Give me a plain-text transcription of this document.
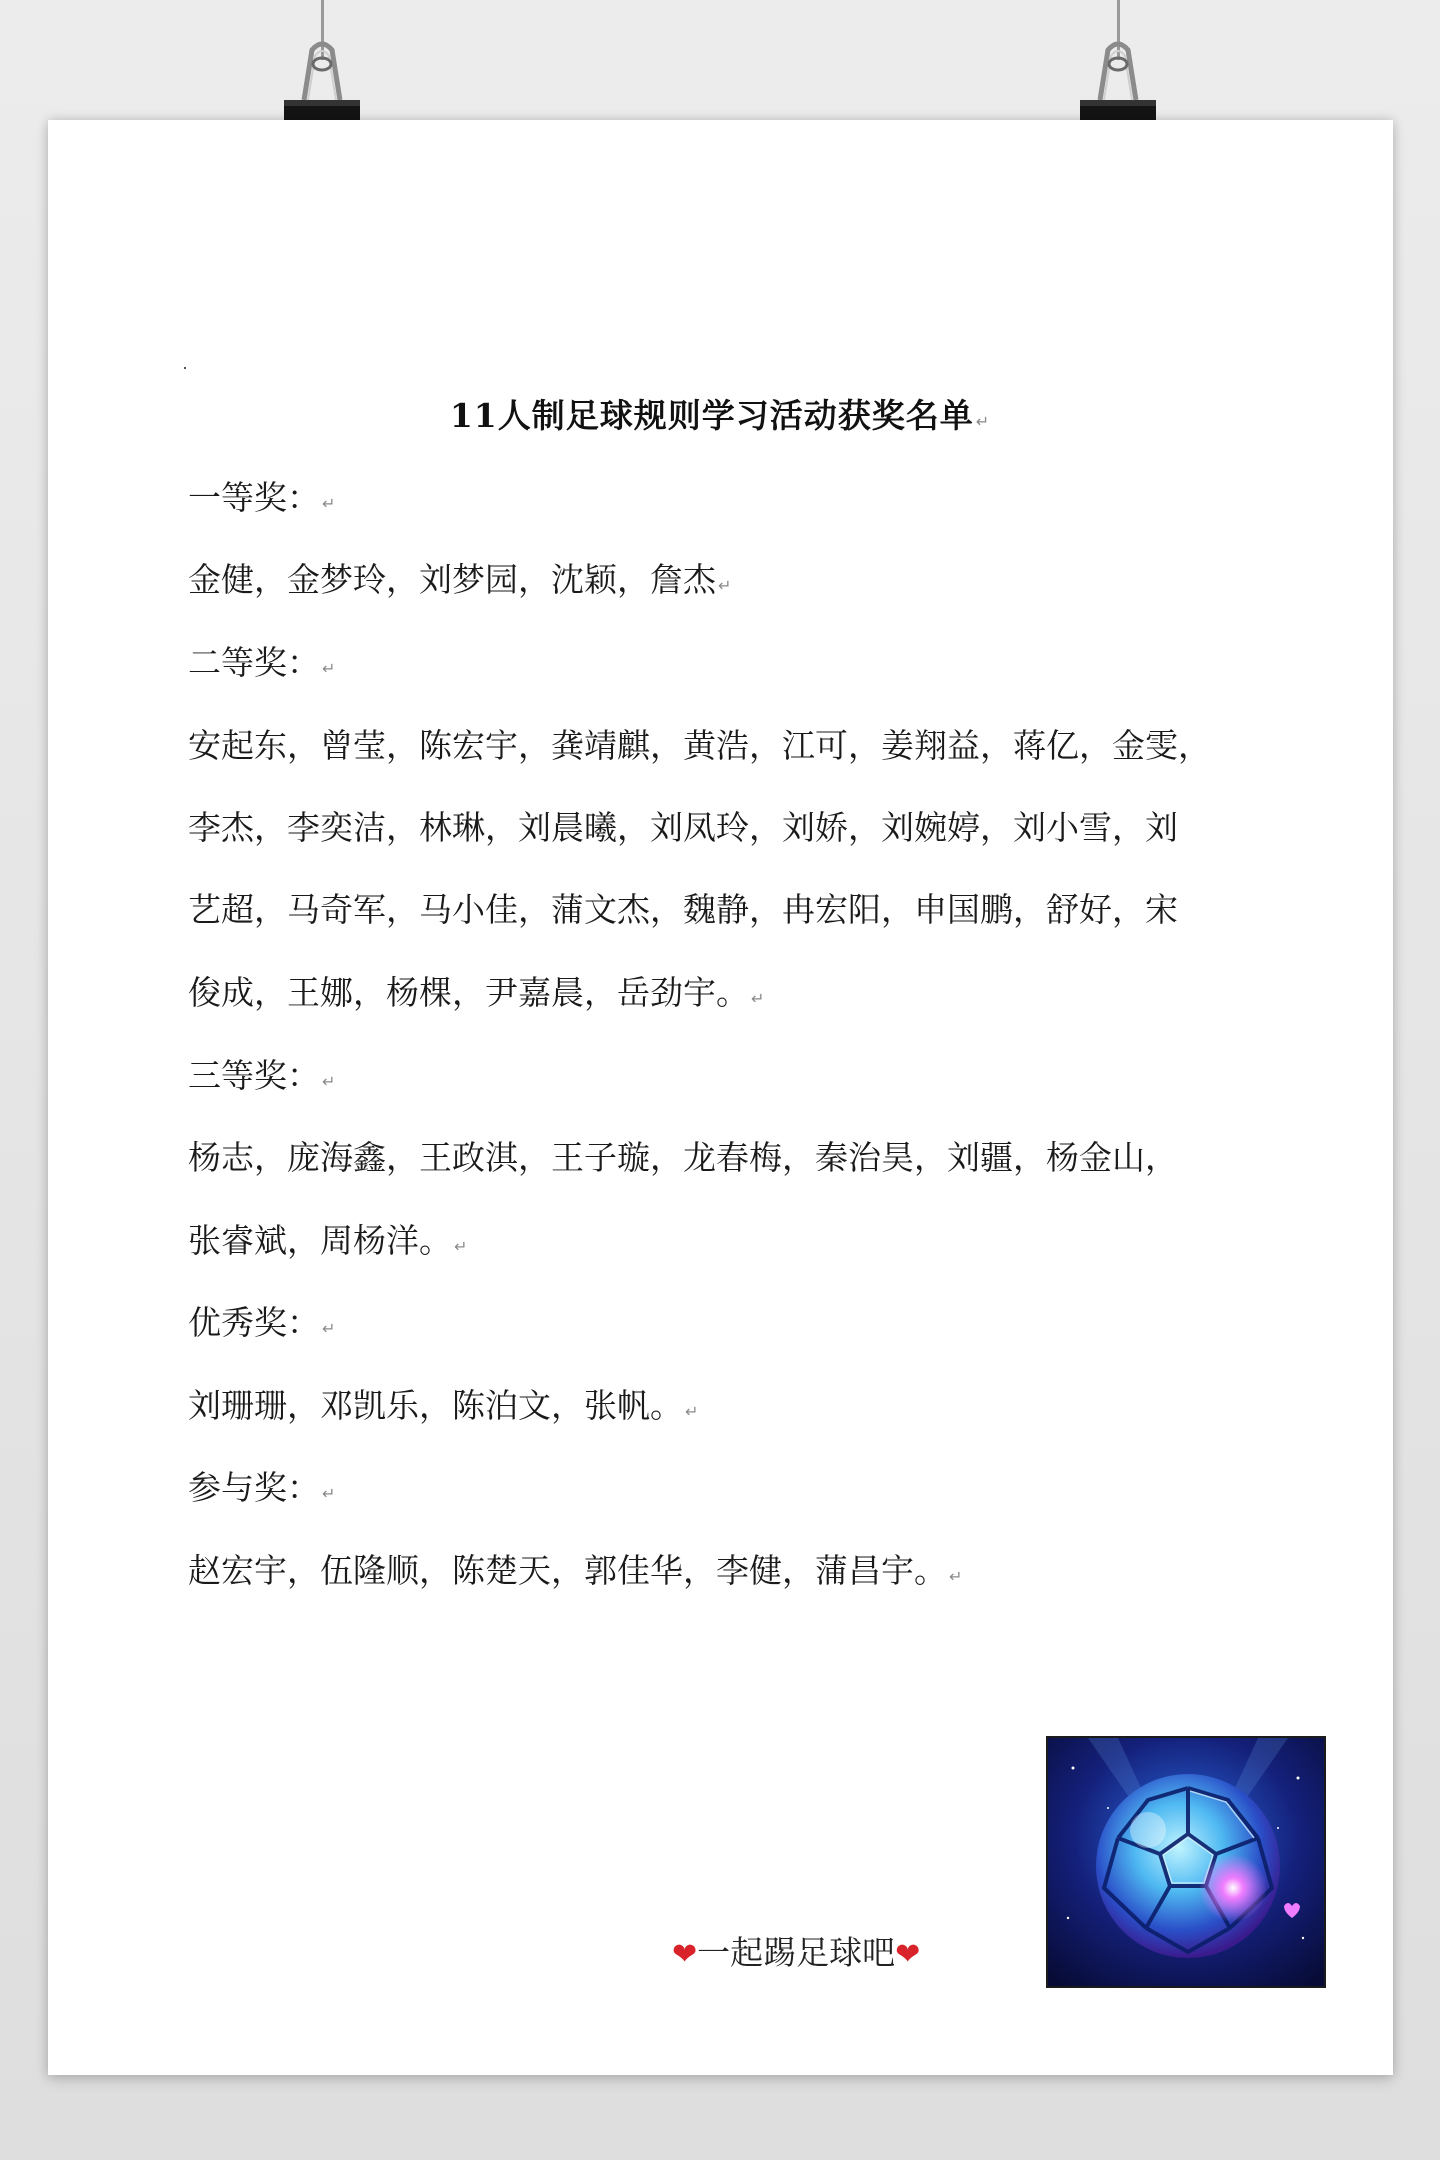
11人制足球规则学习活动获奖名单 ↵
一等奖： ↵
金健，金梦玲，刘梦园，沈颖，詹杰 ↵
二等奖： ↵
安起东，曾莹，陈宏宇，龚靖麒，黄浩，江可，姜翔益，蒋亿，金雯，
李杰，李奕洁，林琳，刘晨曦，刘凤玲，刘娇，刘婉婷，刘小雪，刘
艺超，马奇军，马小佳，蒲文杰，魏静，冉宏阳，申国鹏，舒好，宋
俊成，王娜，杨棵，尹嘉晨，岳劲宇。 ↵
三等奖： ↵
杨志，庞海鑫，王政淇，王子璇，龙春梅，秦治昊，刘疆，杨金山，
张睿斌，周杨洋。 ↵
优秀奖： ↵
刘珊珊，邓凯乐，陈泊文，张帆。 ↵
参与奖： ↵
赵宏宇，伍隆顺，陈楚天，郭佳华，李健，蒲昌宇。 ↵
❤一起踢足球吧❤
